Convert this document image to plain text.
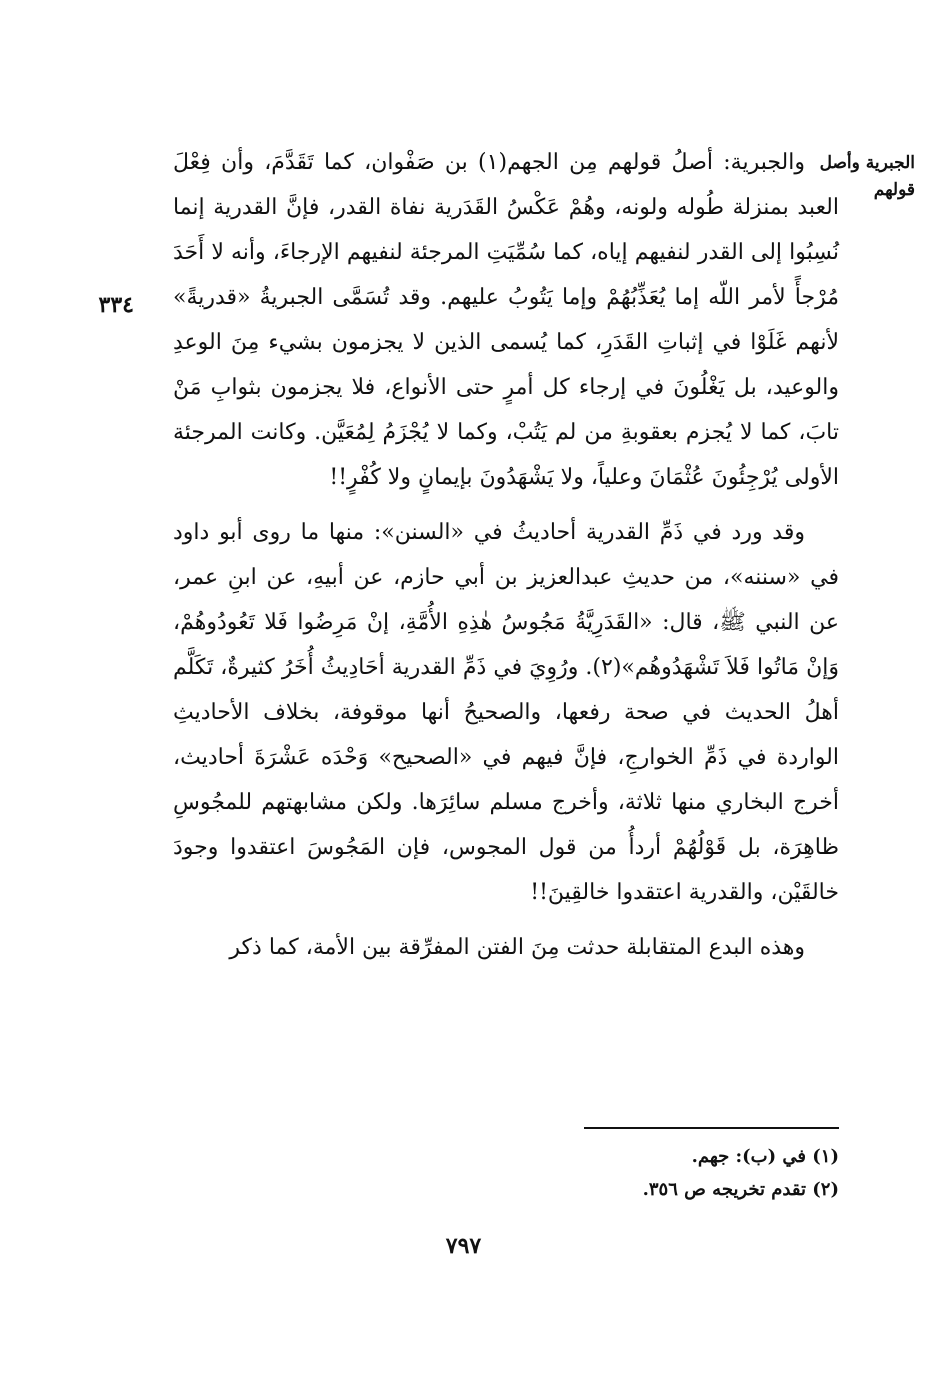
الجبرية وأصل قولهم
٣٣٤

والجبرية: أصلُ قولهم مِن الجهم(١) بن صَفْوان، كما تَقَدَّمَ، وأن فِعْلَ العبد بمنزلة طُوله ولونه، وهُمْ عَكْسُ القَدَرية نفاة القدر، فإنَّ القدرية إنما نُسِبُوا إلى القدر لنفيهم إياه، كما سُمِّيَتِ المرجئة لنفيهم الإرجاءَ، وأنه لا أَحَدَ مُرْجأً لأمر اللّه إما يُعَذِّبُهُمْ وإما يَتُوبُ عليهم. وقد تُسَمَّى الجبريةُ «قدريةً» لأنهم غَلَوْا في إثباتِ القَدَرِ، كما يُسمى الذين لا يجزمون بشيء مِنَ الوعدِ والوعيد، بل يَغْلُونَ في إرجاء كل أمرٍ حتى الأنواع، فلا يجزمون بثوابِ مَنْ تابَ، كما لا يُجزم بعقوبةِ من لم يَتُبْ، وكما لا يُجْزَمُ لِمُعَيَّن. وكانت المرجئة الأولى يُرْجِئُونَ عُثْمَانَ وعلياً، ولا يَشْهَدُونَ بإيمانٍ ولا كُفْرٍ!!

وقد ورد في ذَمِّ القدرية أحاديثُ في «السنن»: منها ما روى أبو داود في «سننه»، من حديثِ عبدالعزيز بن أبي حازم، عن أبيهِ، عن ابنِ عمر، عن النبي ﷺ، قال: «القَدَرِيَّةُ مَجُوسُ هٰذِهِ الأُمَّةِ، إنْ مَرِضُوا فَلا تَعُودُوهُمْ، وَإنْ مَاتُوا فَلاَ تَشْهَدُوهُم»(٢). ورُوِيَ في ذَمِّ القدرية أحَادِيثُ أُخَرُ كثيرةٌ، تَكَلَّم أهلُ الحديث في صحة رفعها، والصحيحُ أنها موقوفة، بخلاف الأحاديثِ الواردة في ذَمِّ الخوارجِ، فإنَّ فيهم في «الصحيح» وَحْدَه عَشْرَةَ أحاديث، أخرج البخاري منها ثلاثة، وأخرج مسلم سائِرَها. ولكن مشابهتهم للمجُوسِ ظاهِرَة، بل قَوْلُهُمْ أردأُ من قول المجوس، فإن المَجُوسَ اعتقدوا وجودَ خالقَيْن، والقدرية اعتقدوا خالقِينَ!!

وهذه البدع المتقابلة حدثت مِنَ الفتن المفرِّقة بين الأمة، كما ذكر

(١) في (ب): جهم.

(٢) تقدم تخريجه ص ٣٥٦.

٧٩٧
